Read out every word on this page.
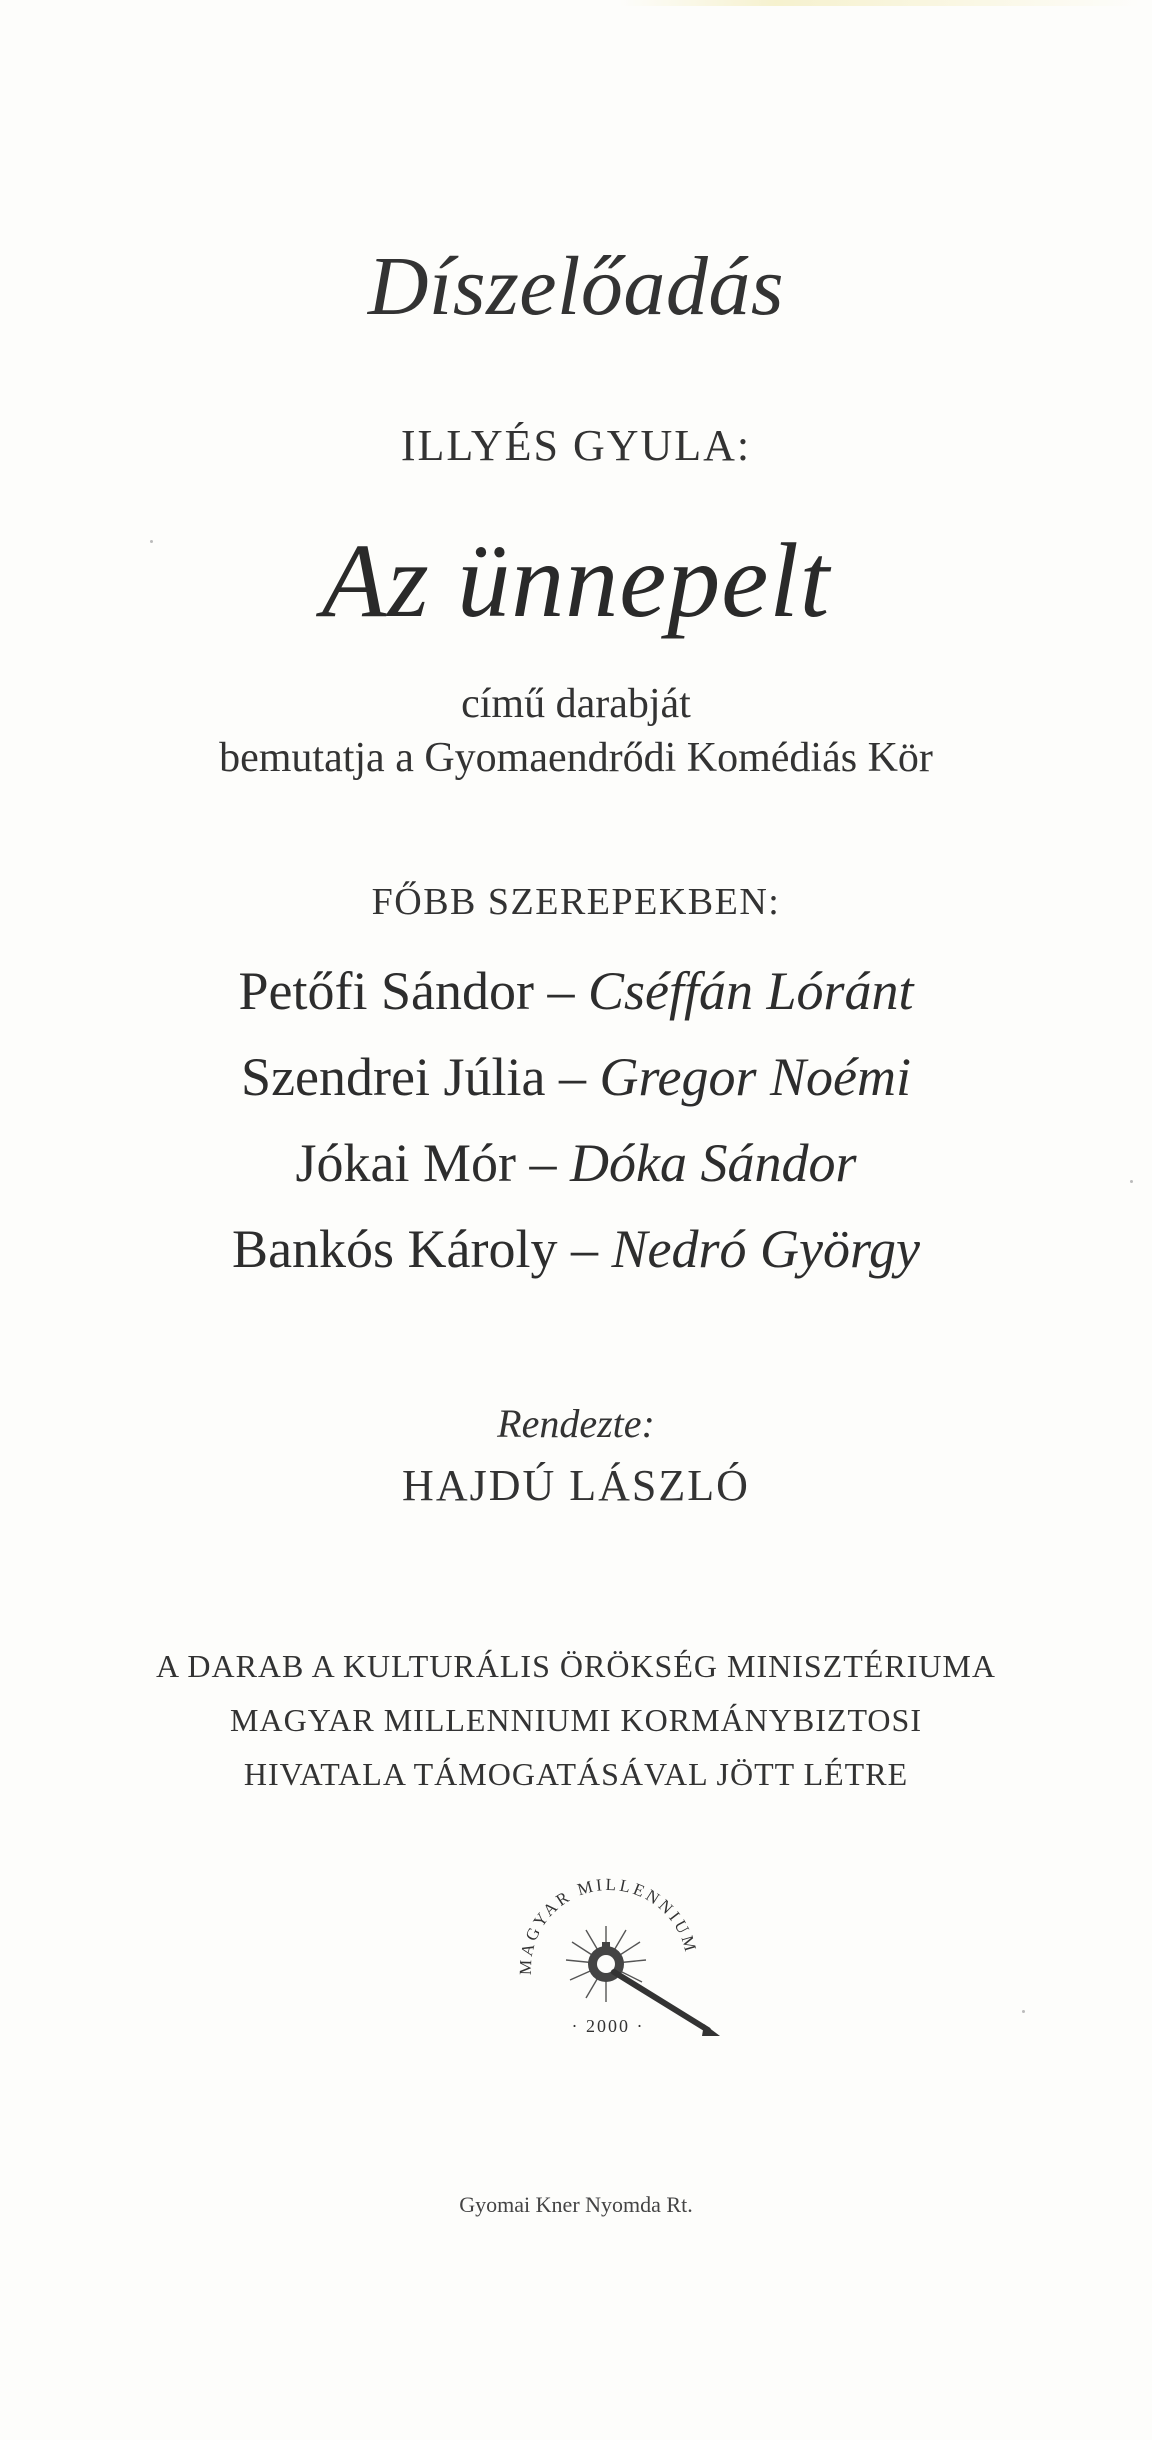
Díszelőadás
ILLYÉS GYULA:
Az ünnepelt
című darabját
bemutatja a Gyomaendrődi Komédiás Kör
FŐBB SZEREPEKBEN:
Petőfi Sándor – Cséffán Lóránt
Szendrei Júlia – Gregor Noémi
Jókai Mór – Dóka Sándor
Bankós Károly – Nedró György
Rendezte:
HAJDÚ LÁSZLÓ
A DARAB A KULTURÁLIS ÖRÖKSÉG MINISZTÉRIUMA
MAGYAR MILLENNIUMI KORMÁNYBIZTOSI
HIVATALA TÁMOGATÁSÁVAL JÖTT LÉTRE
MAGYAR MILLENNIUM
· 2000 ·
Gyomai Kner Nyomda Rt.
